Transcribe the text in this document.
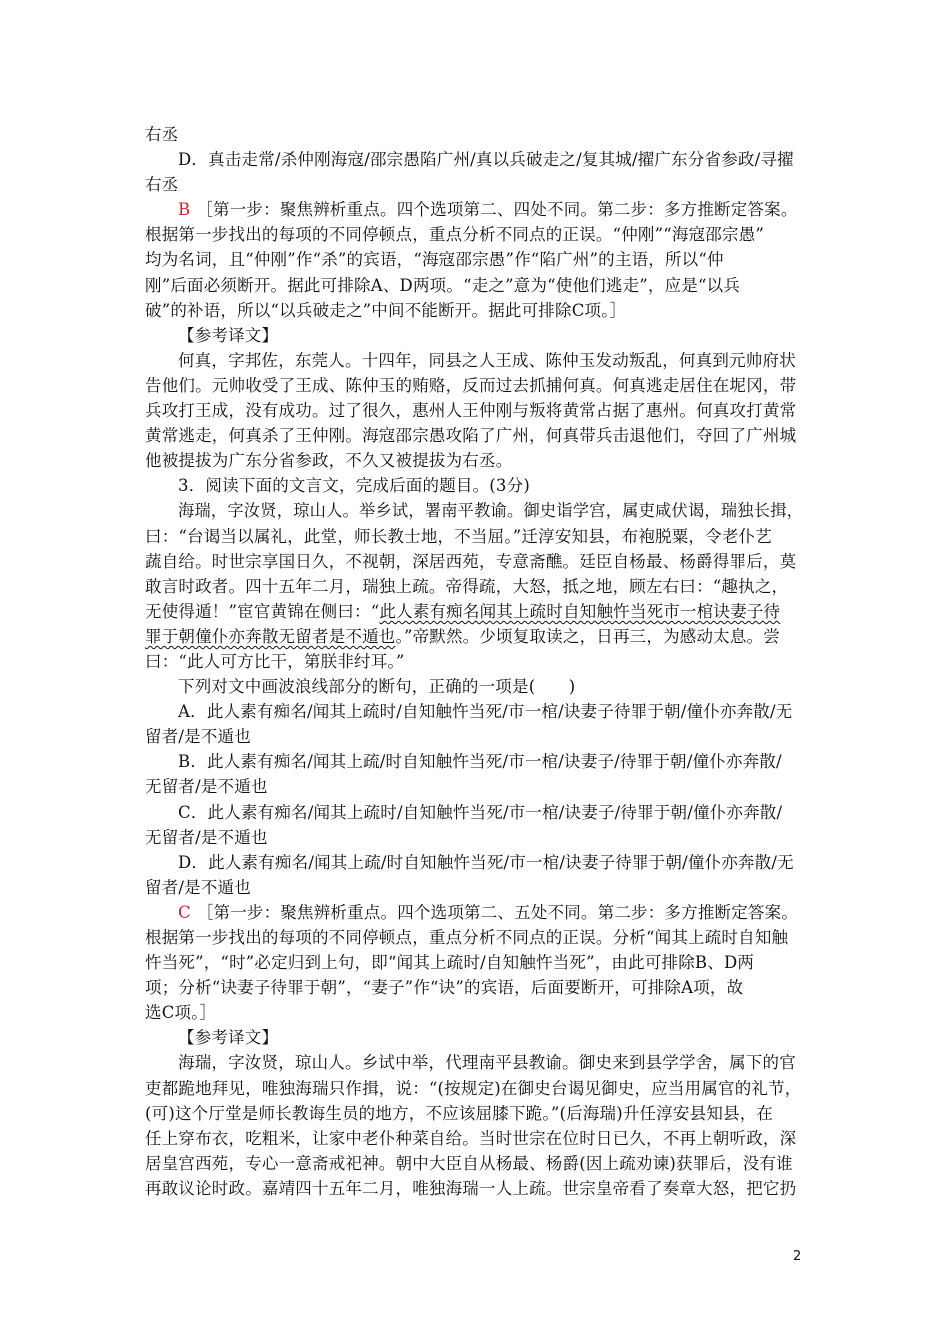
右丞
D．真击走常/杀仲刚海寇/邵宗愚陷广州/真以兵破走之/复其城/擢广东分省参政/寻擢
右丞
B ［第一步：聚焦辨析重点。四个选项第二、四处不同。第二步：多方推断定答案。
根据第一步找出的每项的不同停顿点，重点分析不同点的正误。“仲刚”“海寇邵宗愚”
均为名词，且“仲刚”作“杀”的宾语，“海寇邵宗愚”作“陷广州”的主语，所以“仲
刚”后面必须断开。据此可排除A、D两项。“走之”意为“使他们逃走”，应是“以兵
破”的补语，所以“以兵破走之”中间不能断开。据此可排除C项。］
【参考译文】
何真，字邦佐，东莞人。十四年，同县之人王成、陈仲玉发动叛乱，何真到元帅府状
告他们。元帅收受了王成、陈仲玉的贿赂，反而过去抓捕何真。何真逃走居住在坭冈，带
兵攻打王成，没有成功。过了很久，惠州人王仲刚与叛将黄常占据了惠州。何真攻打黄常
黄常逃走，何真杀了王仲刚。海寇邵宗愚攻陷了广州，何真带兵击退他们，夺回了广州城
他被提拔为广东分省参政，不久又被提拔为右丞。
3．阅读下面的文言文，完成后面的题目。(3分)
海瑞，字汝贤，琼山人。举乡试，署南平教谕。御史诣学宫，属吏咸伏谒，瑞独长揖，
曰：“台谒当以属礼，此堂，师长教士地，不当屈。”迁淳安知县，布袍脱粟，令老仆艺
蔬自给。时世宗享国日久，不视朝，深居西苑，专意斋醮。廷臣自杨最、杨爵得罪后，莫
敢言时政者。四十五年二月，瑞独上疏。帝得疏，大怒，抵之地，顾左右曰：“趣执之，
无使得遁！”宦官黄锦在侧曰：“此人素有痴名闻其上疏时自知触忤当死市一棺诀妻子待
罪于朝僮仆亦奔散无留者是不遁也。”帝默然。少顷复取读之，日再三，为感动太息。尝
曰：“此人可方比干，第朕非纣耳。”
下列对文中画波浪线部分的断句，正确的一项是(　　)
A．此人素有痴名/闻其上疏时/自知触忤当死/市一棺/诀妻子待罪于朝/僮仆亦奔散/无
留者/是不遁也
B．此人素有痴名/闻其上疏/时自知触忤当死/市一棺/诀妻子/待罪于朝/僮仆亦奔散/
无留者/是不遁也
C．此人素有痴名/闻其上疏时/自知触忤当死/市一棺/诀妻子/待罪于朝/僮仆亦奔散/
无留者/是不遁也
D．此人素有痴名/闻其上疏/时自知触忤当死/市一棺/诀妻子待罪于朝/僮仆亦奔散/无
留者/是不遁也
C ［第一步：聚焦辨析重点。四个选项第二、五处不同。第二步：多方推断定答案。
根据第一步找出的每项的不同停顿点，重点分析不同点的正误。分析“闻其上疏时自知触
忤当死”，“时”必定归到上句，即“闻其上疏时/自知触忤当死”，由此可排除B、D两
项；分析“诀妻子待罪于朝”，“妻子”作“诀”的宾语，后面要断开，可排除A项，故
选C项。］
【参考译文】
海瑞，字汝贤，琼山人。乡试中举，代理南平县教谕。御史来到县学学舍，属下的官
吏都跪地拜见，唯独海瑞只作揖，说：“(按规定)在御史台谒见御史，应当用属官的礼节，
(可)这个厅堂是师长教诲生员的地方，不应该屈膝下跪。”(后海瑞)升任淳安县知县，在
任上穿布衣，吃粗米，让家中老仆种菜自给。当时世宗在位时日已久，不再上朝听政，深
居皇宫西苑，专心一意斋戒祀神。朝中大臣自从杨最、杨爵(因上疏劝谏)获罪后，没有谁
再敢议论时政。嘉靖四十五年二月，唯独海瑞一人上疏。世宗皇帝看了奏章大怒，把它扔
2
